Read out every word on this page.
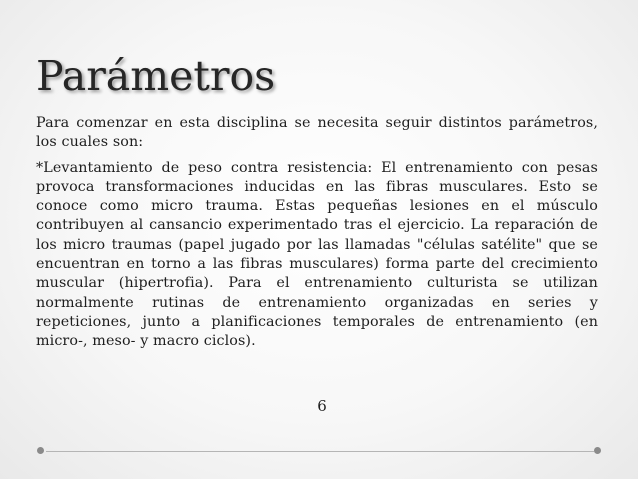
Parámetros

Para comenzar en esta disciplina se necesita seguir distintos parámetros, los cuales son:

*Levantamiento de peso contra resistencia: El entrenamiento con pesas provoca transformaciones inducidas en las fibras musculares. Esto se conoce como micro trauma. Estas pequeñas lesiones en el músculo contribuyen al cansancio experimentado tras el ejercicio. La reparación de los micro traumas (papel jugado por las llamadas "células satélite" que se encuentran en torno a las fibras musculares) forma parte del crecimiento muscular (hipertrofia). Para el entrenamiento culturista se utilizan normalmente rutinas de entrenamiento organizadas en series y repeticiones, junto a planificaciones temporales de entrenamiento (en micro-, meso- y macro ciclos).

6
